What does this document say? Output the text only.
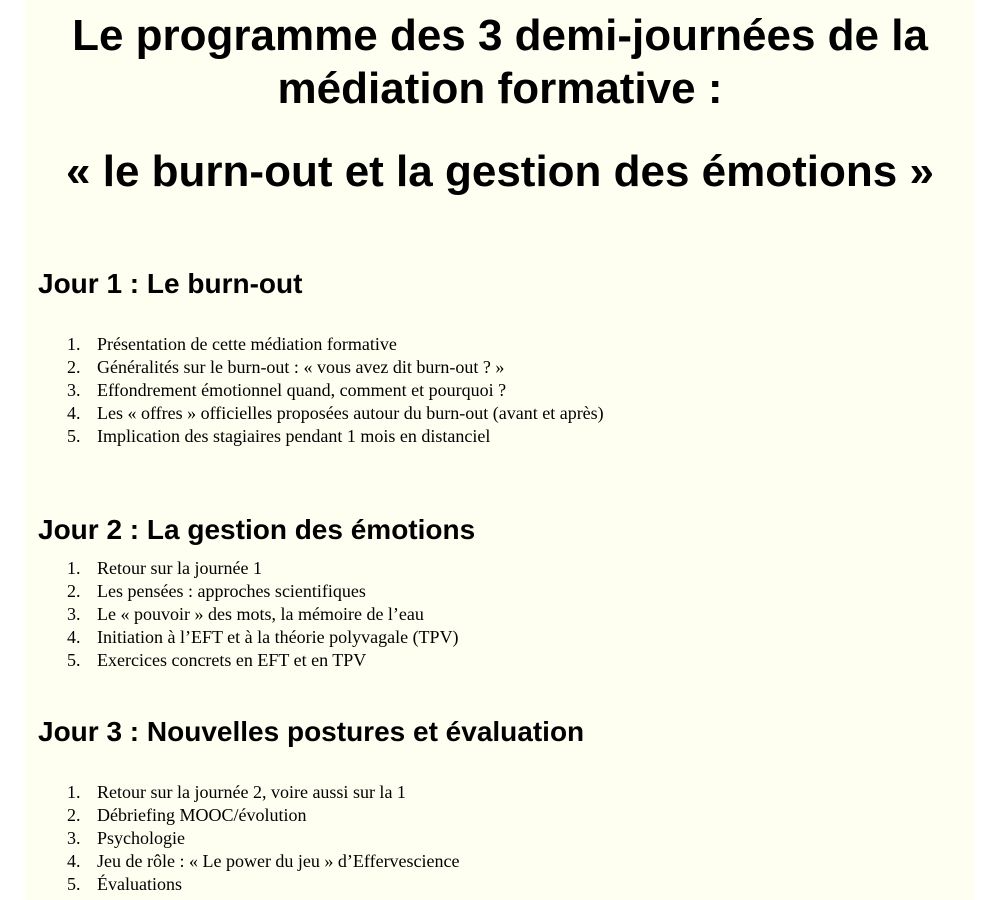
Le programme des 3 demi-journées de la
médiation formative :
« le burn-out et la gestion des émotions »
Jour 1 : Le burn-out
1. Présentation de cette médiation formative
2. Généralités sur le burn-out : « vous avez dit burn-out ? »
3. Effondrement émotionnel quand, comment et pourquoi ?
4. Les « offres » officielles proposées autour du burn-out (avant et après)
5. Implication des stagiaires pendant 1 mois en distanciel
Jour 2 : La gestion des émotions
1. Retour sur la journée 1
2. Les pensées : approches scientifiques
3. Le « pouvoir » des mots, la mémoire de l’eau
4. Initiation à l’EFT et à la théorie polyvagale (TPV)
5. Exercices concrets en EFT et en TPV
Jour 3 : Nouvelles postures et évaluation
1. Retour sur la journée 2, voire aussi sur la 1
2. Débriefing MOOC/évolution
3. Psychologie
4. Jeu de rôle : « Le power du jeu » d’Effervescience
5. Évaluations
